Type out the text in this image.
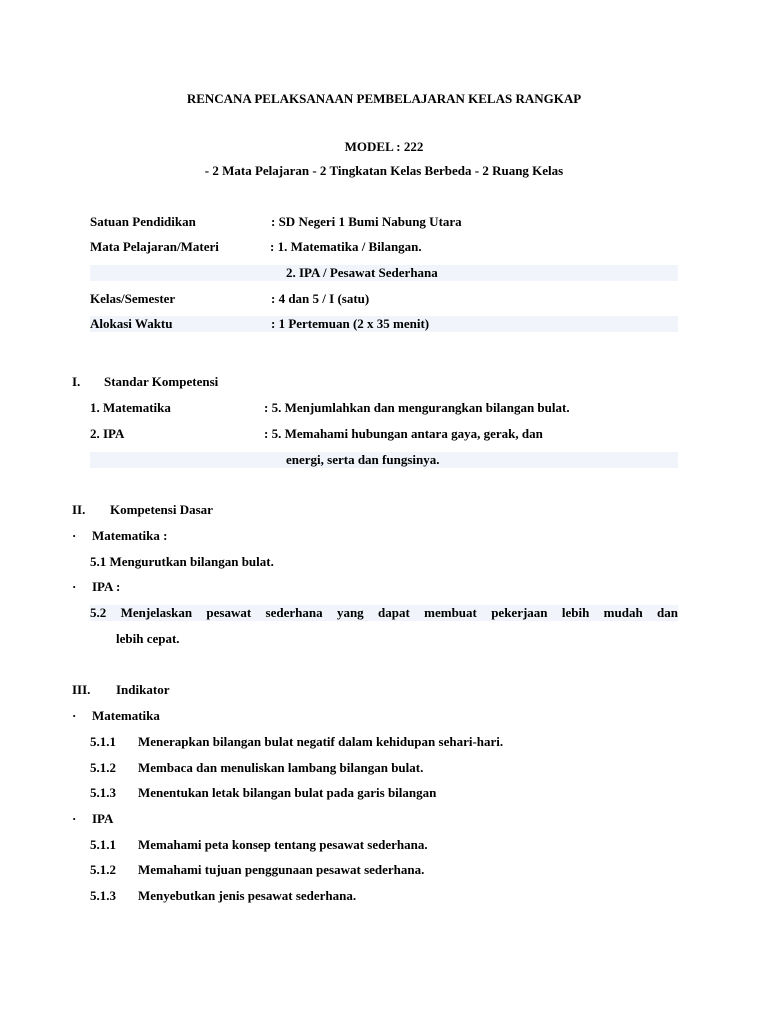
RENCANA PELAKSANAAN PEMBELAJARAN KELAS RANGKAP
MODEL : 222
- 2 Mata Pelajaran - 2 Tingkatan Kelas Berbeda - 2 Ruang Kelas
Satuan Pendidikan	: SD Negeri 1 Bumi Nabung Utara
Mata Pelajaran/Materi	: 1. Matematika / Bilangan.
2. IPA / Pesawat Sederhana
Kelas/Semester	: 4 dan 5 / I (satu)
Alokasi Waktu	: 1 Pertemuan (2 x 35 menit)
I. Standar Kompetensi
1. Matematika	: 5. Menjumlahkan dan mengurangkan bilangan bulat.
2. IPA	: 5. Memahami hubungan antara gaya, gerak, dan
energi, serta dan fungsinya.
II. Kompetensi Dasar
· Matematika :
5.1 Mengurutkan bilangan bulat.
· IPA :
5.2 Menjelaskan pesawat sederhana yang dapat membuat pekerjaan lebih mudah dan
lebih cepat.
III. Indikator
· Matematika
5.1.1 Menerapkan bilangan bulat negatif dalam kehidupan sehari-hari.
5.1.2 Membaca dan menuliskan lambang bilangan bulat.
5.1.3 Menentukan letak bilangan bulat pada garis bilangan
· IPA
5.1.1 Memahami peta konsep tentang pesawat sederhana.
5.1.2 Memahami tujuan penggunaan pesawat sederhana.
5.1.3 Menyebutkan jenis pesawat sederhana.
